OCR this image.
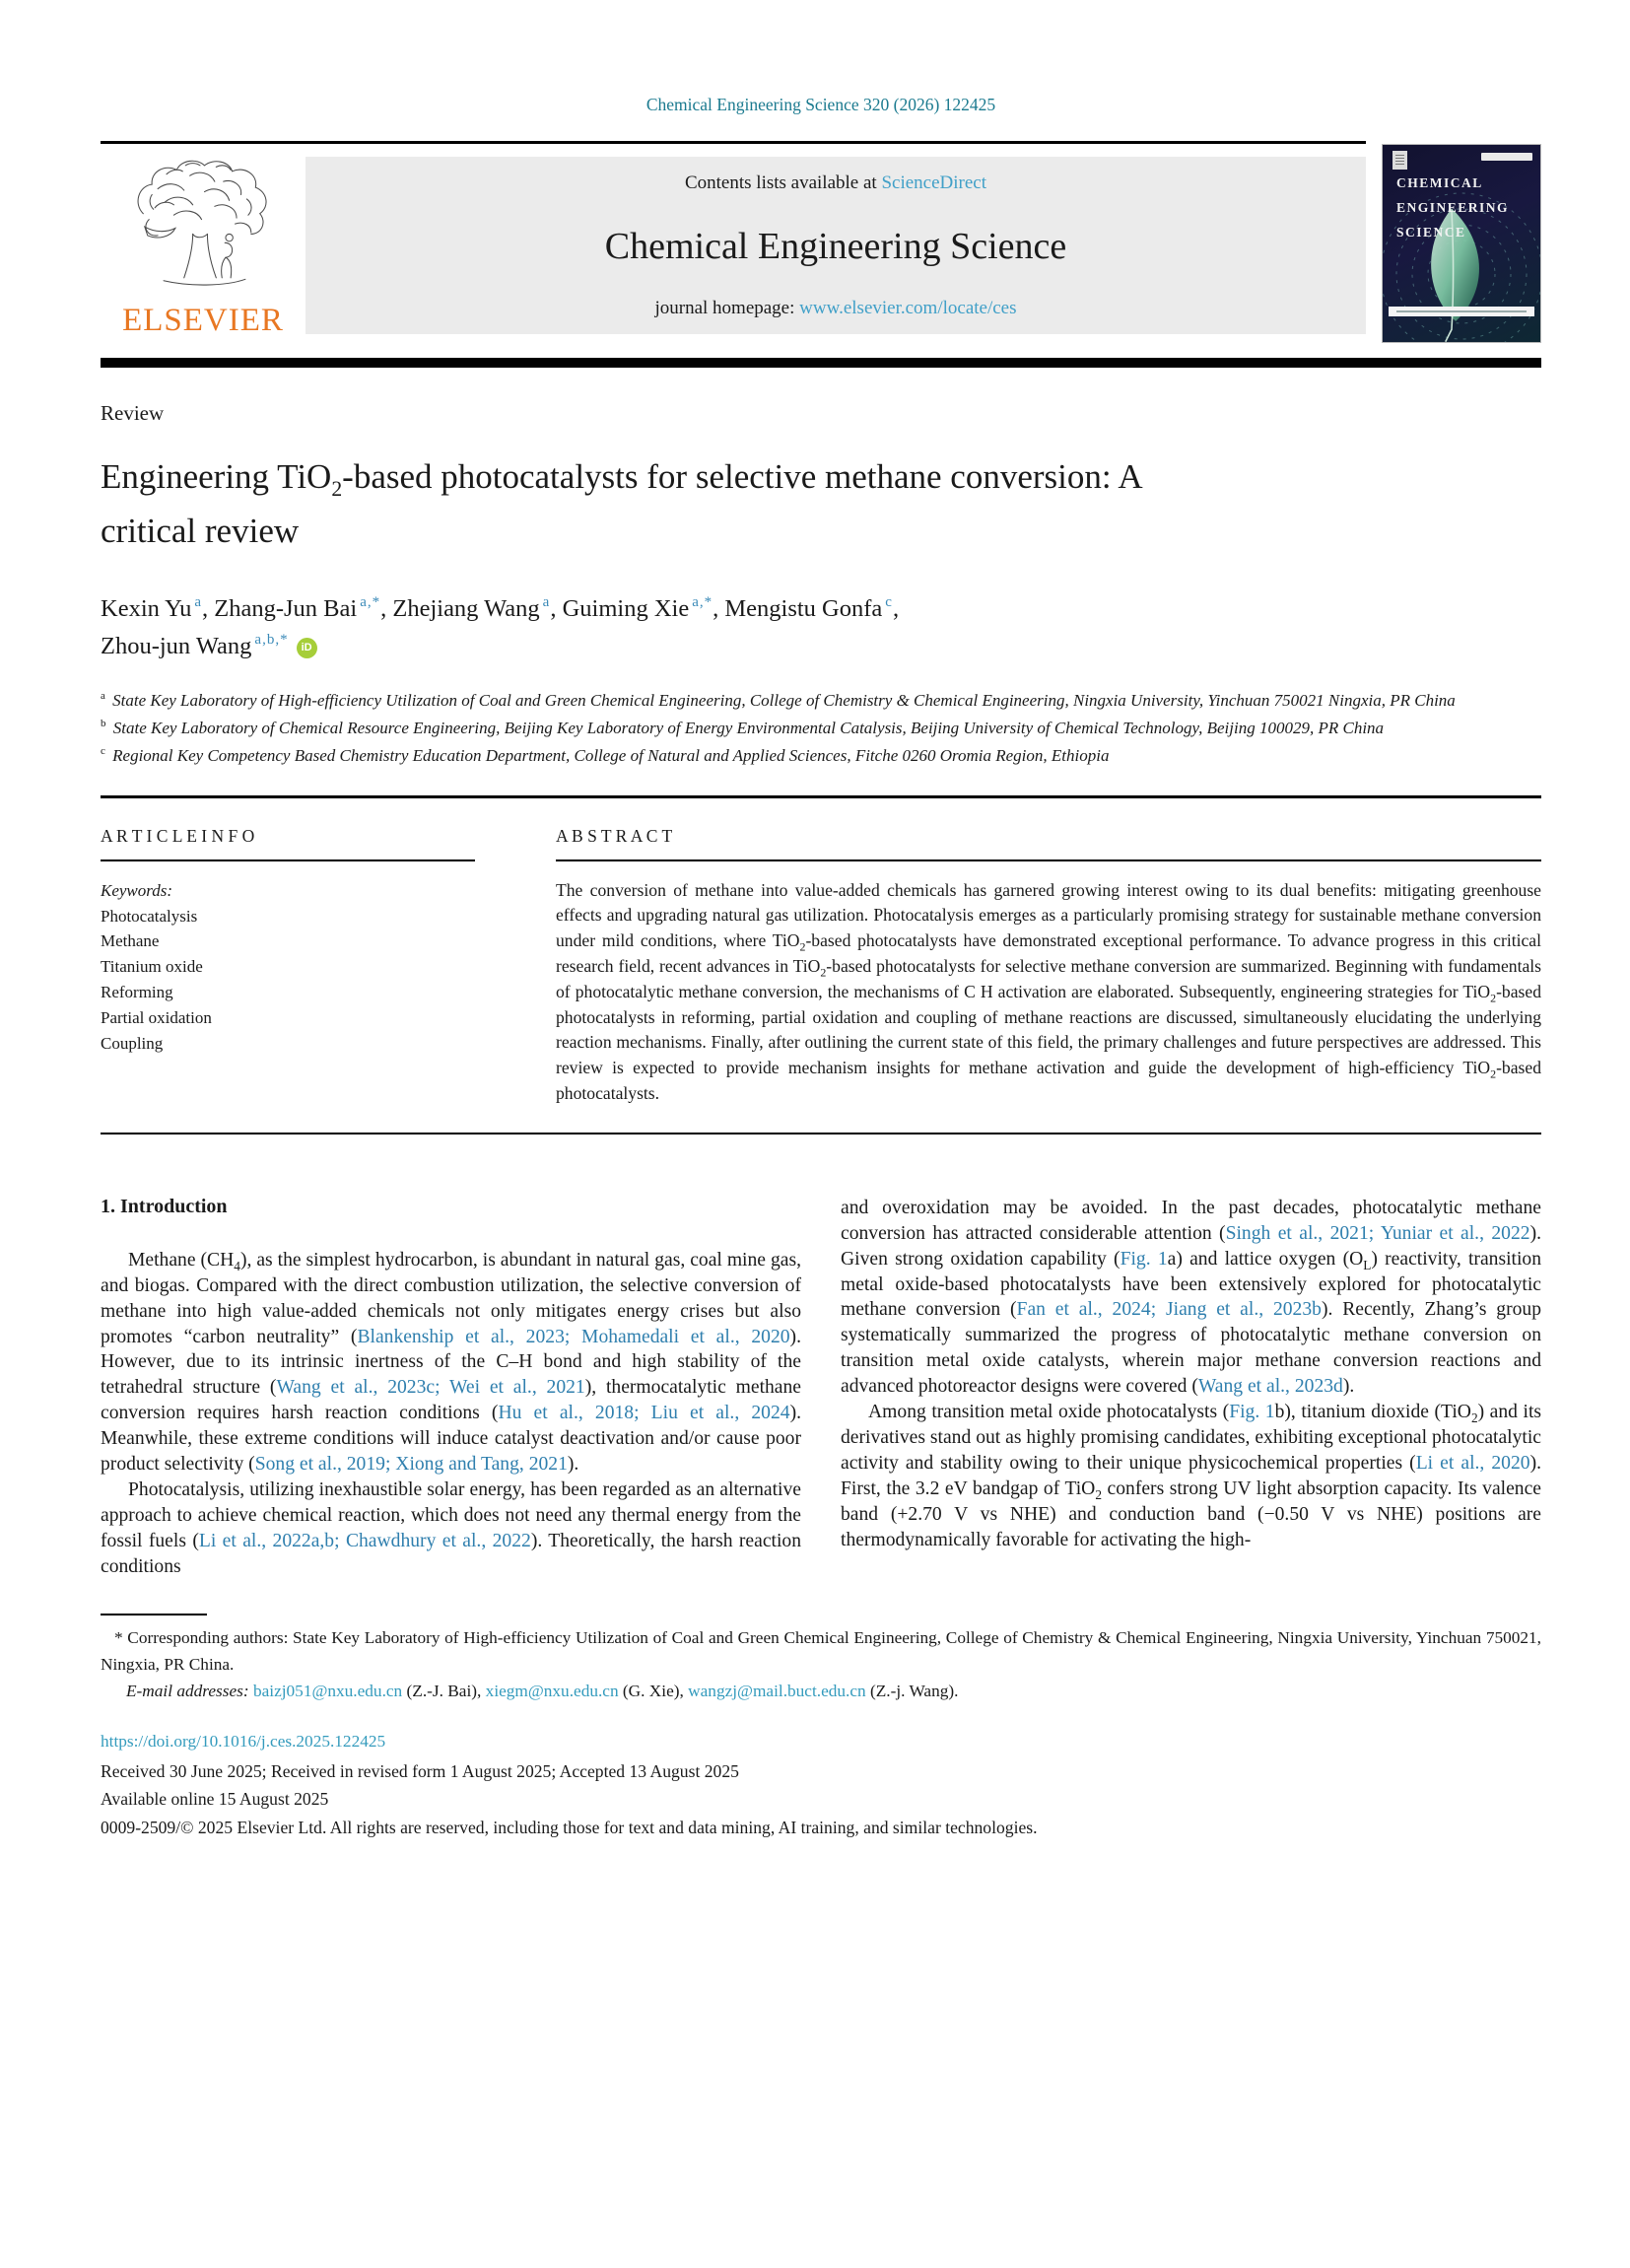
Chemical Engineering Science 320 (2026) 122425
ELSEVIER
Contents lists available at ScienceDirect
Chemical Engineering Science
journal homepage: www.elsevier.com/locate/ces
CHEMICAL
ENGINEERING
SCIENCE
Review
Engineering TiO$_2$-based photocatalysts for selective methane conversion: A critical review
Kexin Yu $^a$, Zhang-Jun Bai $^{a,*}$, Zhejiang Wang $^a$, Guiming Xie $^{a,*}$, Mengistu Gonfa $^c$,
Zhou-jun Wang $^{a,b,*}$ iD
$^a$ State Key Laboratory of High-efficiency Utilization of Coal and Green Chemical Engineering, College of Chemistry & Chemical Engineering, Ningxia University, Yinchuan 750021 Ningxia, PR China
$^b$ State Key Laboratory of Chemical Resource Engineering, Beijing Key Laboratory of Energy Environmental Catalysis, Beijing University of Chemical Technology, Beijing 100029, PR China
$^c$ Regional Key Competency Based Chemistry Education Department, College of Natural and Applied Sciences, Fitche 0260 Oromia Region, Ethiopia
A R T I C L E I N F O
Keywords:
Photocatalysis
Methane
Titanium oxide
Reforming
Partial oxidation
Coupling
A B S T R A C T

The conversion of methane into value-added chemicals has garnered growing interest owing to its dual benefits: mitigating greenhouse effects and upgrading natural gas utilization. Photocatalysis emerges as a particularly promising strategy for sustainable methane conversion under mild conditions, where TiO$_2$-based photocatalysts have demonstrated exceptional performance. To advance progress in this critical research field, recent advances in TiO$_2$-based photocatalysts for selective methane conversion are summarized. Beginning with fundamentals of photocatalytic methane conversion, the mechanisms of C H activation are elaborated. Subsequently, engineering strategies for TiO$_2$-based photocatalysts in reforming, partial oxidation and coupling of methane reactions are discussed, simultaneously elucidating the underlying reaction mechanisms. Finally, after outlining the current state of this field, the primary challenges and future perspectives are addressed. This review is expected to provide mechanism insights for methane activation and guide the development of high-efficiency TiO$_2$-based photocatalysts.

1. Introduction

Methane $(CH_4)$, as the simplest hydrocarbon, is abundant in natural gas, coal mine gas, and biogas. Compared with the direct combustion utilization, the selective conversion of methane into high value-added chemicals not only mitigates energy crises but also promotes “carbon neutrality” (Blankenship et al., 2023; Mohamedali et al., 2020). However, due to its intrinsic inertness of the C–H bond and high stability of the tetrahedral structure (Wang et al., 2023c; Wei et al., 2021), thermocatalytic methane conversion requires harsh reaction conditions (Hu et al., 2018; Liu et al., 2024). Meanwhile, these extreme conditions will induce catalyst deactivation and/or cause poor product selectivity (Song et al., 2019; Xiong and Tang, 2021).

Photocatalysis, utilizing inexhaustible solar energy, has been regarded as an alternative approach to achieve chemical reaction, which does not need any thermal energy from the fossil fuels (Li et al., 2022a,b; Chawdhury et al., 2022). Theoretically, the harsh reaction conditions

and overoxidation may be avoided. In the past decades, photocatalytic methane conversion has attracted considerable attention (Singh et al., 2021; Yuniar et al., 2022). Given strong oxidation capability (Fig. 1a) and lattice oxygen $(O_L)$ reactivity, transition metal oxide-based photocatalysts have been extensively explored for photocatalytic methane conversion (Fan et al., 2024; Jiang et al., 2023b). Recently, Zhang’s group systematically summarized the progress of photocatalytic methane conversion on transition metal oxide catalysts, wherein major methane conversion reactions and advanced photoreactor designs were covered (Wang et al., 2023d).

Among transition metal oxide photocatalysts (Fig. 1b), titanium dioxide (TiO$_2$) and its derivatives stand out as highly promising candidates, exhibiting exceptional photocatalytic activity and stability owing to their unique physicochemical properties (Li et al., 2020). First, the 3.2 eV bandgap of TiO$_2$ confers strong UV light absorption capacity. Its valence band (+2.70 V vs NHE) and conduction band (−0.50 V vs NHE) positions are thermodynamically favorable for activating the high-

* Corresponding authors: State Key Laboratory of High-efficiency Utilization of Coal and Green Chemical Engineering, College of Chemistry & Chemical Engineering, Ningxia University, Yinchuan 750021, Ningxia, PR China.

E-mail addresses: baizj051@nxu.edu.cn (Z.-J. Bai), xiegm@nxu.edu.cn (G. Xie), wangzj@mail.buct.edu.cn (Z.-j. Wang).

https://doi.org/10.1016/j.ces.2025.122425
Received 30 June 2025; Received in revised form 1 August 2025; Accepted 13 August 2025
Available online 15 August 2025
0009-2509/© 2025 Elsevier Ltd. All rights are reserved, including those for text and data mining, AI training, and similar technologies.
